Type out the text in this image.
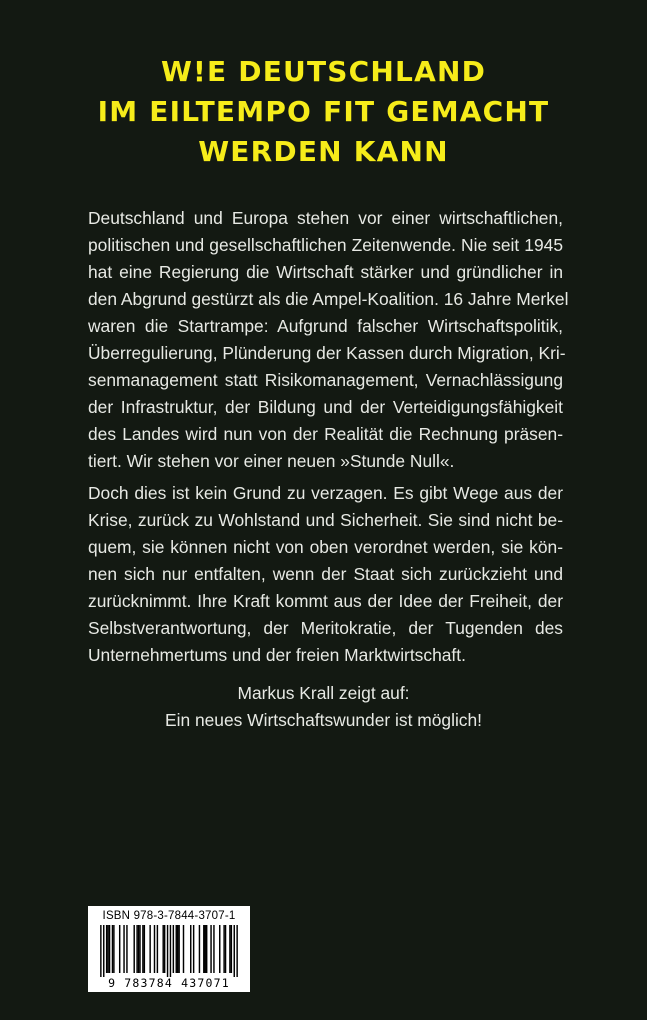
W!E DEUTSCHLAND
IM EILTEMPO FIT GEMACHT
WERDEN KANN
Deutschland und Europa stehen vor einer wirtschaftlichen,
politischen und gesellschaftlichen Zeitenwende. Nie seit 1945
hat eine Regierung die Wirtschaft stärker und gründlicher in
den Abgrund gestürzt als die Ampel-Koalition. 16 Jahre Merkel
waren die Startrampe: Aufgrund falscher Wirtschaftspolitik,
Überregulierung, Plünderung der Kassen durch Migration, Kri-
senmanagement statt Risikomanagement, Vernachlässigung
der Infrastruktur, der Bildung und der Verteidigungsfähigkeit
des Landes wird nun von der Realität die Rechnung präsen-
tiert. Wir stehen vor einer neuen »Stunde Null«.
Doch dies ist kein Grund zu verzagen. Es gibt Wege aus der
Krise, zurück zu Wohlstand und Sicherheit. Sie sind nicht be-
quem, sie können nicht von oben verordnet werden, sie kön-
nen sich nur entfalten, wenn der Staat sich zurückzieht und
zurücknimmt. Ihre Kraft kommt aus der Idee der Freiheit, der
Selbstverantwortung, der Meritokratie, der Tugenden des
Unternehmertums und der freien Marktwirtschaft.
Markus Krall zeigt auf:
Ein neues Wirtschaftswunder ist möglich!
ISBN 978-3-7844-3707-1
9 783784 437071
